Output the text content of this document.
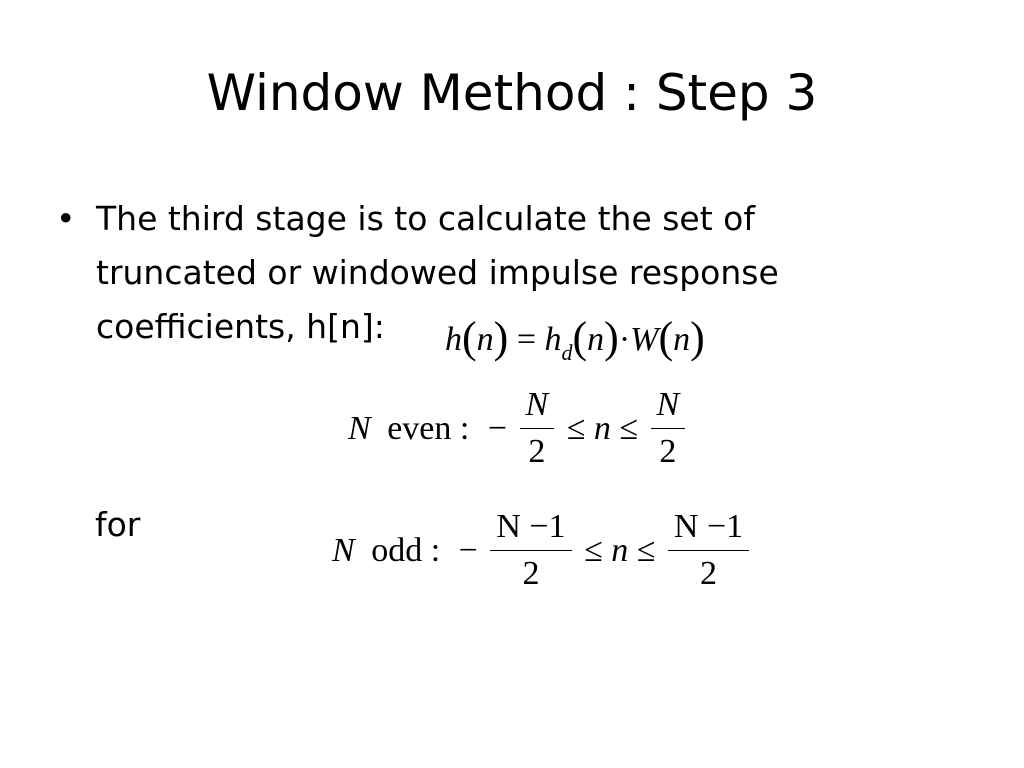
Window Method : Step 3
• The third stage is to calculate the set of
truncated or windowed impulse response
coefficients, h[n]:	$h(n) = h_d(n)\cdot W(n)$
for
N even : − $\frac{N}{2} \le n \le \frac{N}{2}$
N odd : − $\frac{N -1}{2} \le n \le \frac{N -1}{2}$
